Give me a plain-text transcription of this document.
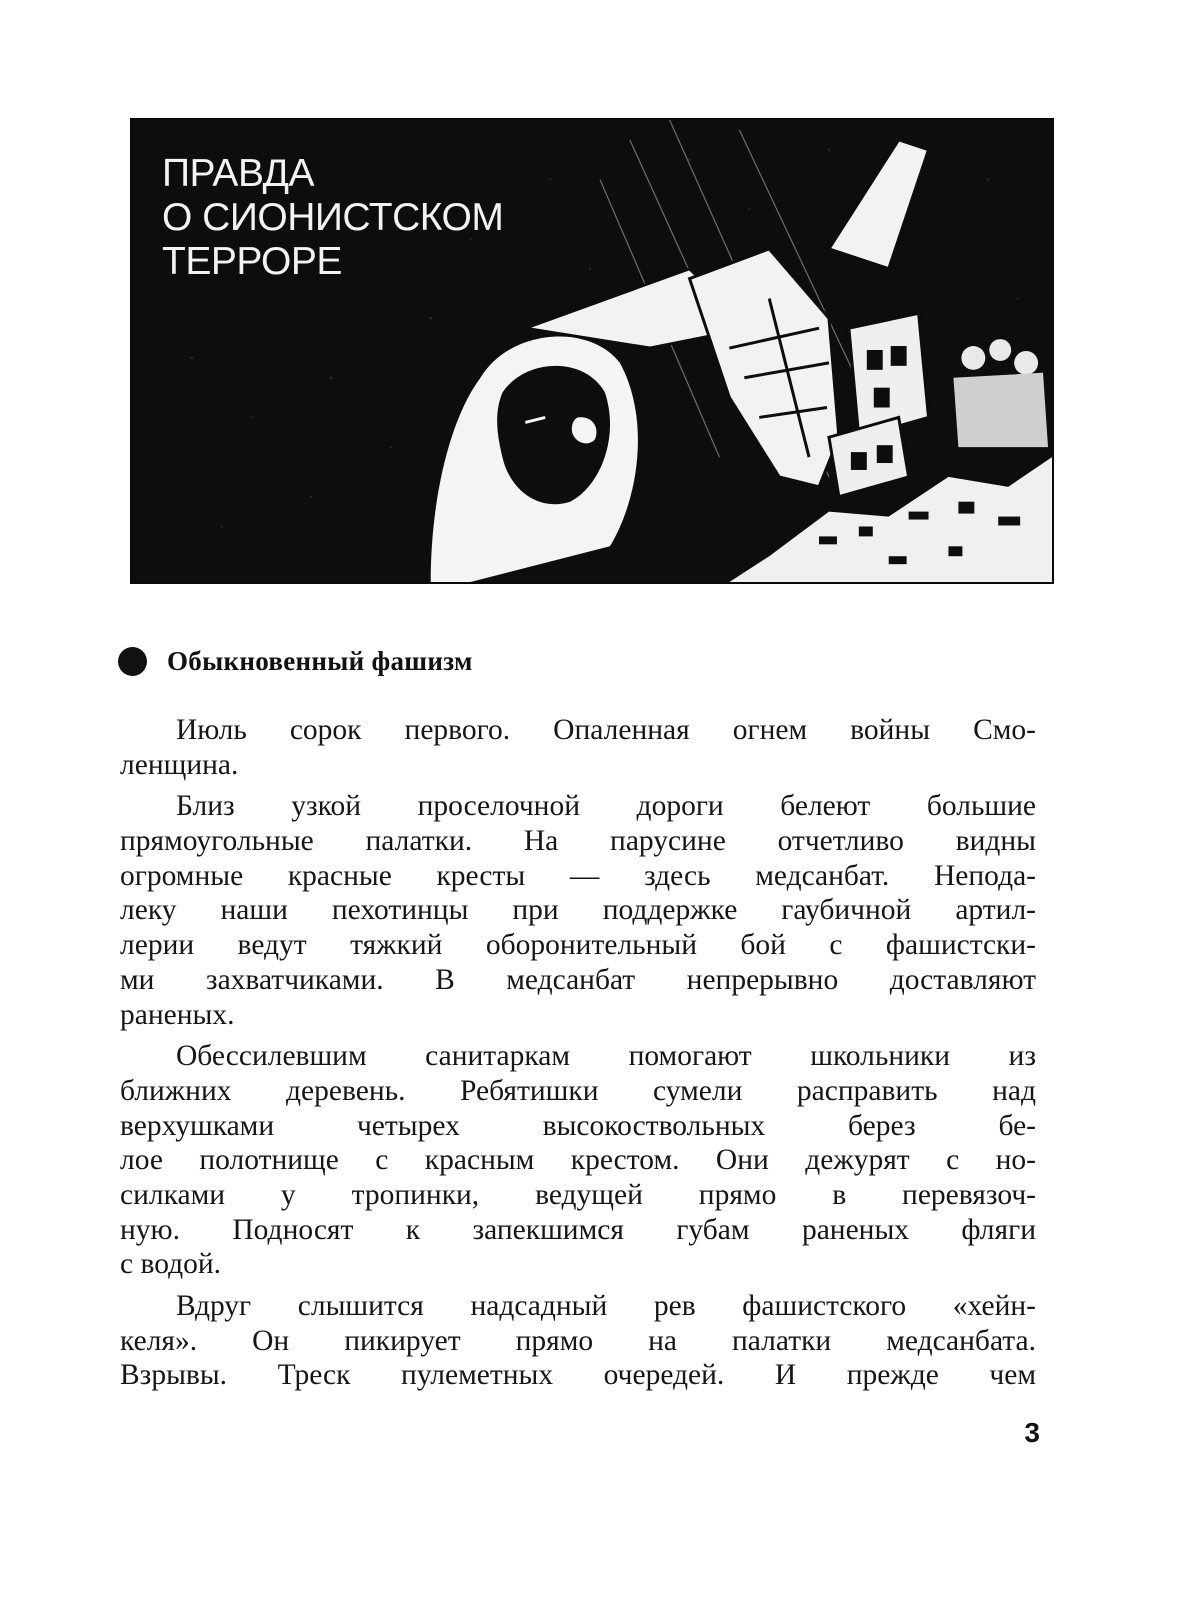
ПРАВДА
О СИОНИСТСКОМ
ТЕРРОРЕ
Обыкновенный фашизм
Июль сорок первого. Опаленная огнем войны Смо-
ленщина.
Близ узкой проселочной дороги белеют большие
прямоугольные палатки. На парусине отчетливо видны
огромные красные кресты — здесь медсанбат. Непода-
леку наши пехотинцы при поддержке гаубичной артил-
лерии ведут тяжкий оборонительный бой с фашистски-
ми захватчиками. В медсанбат непрерывно доставляют
раненых.
Обессилевшим санитаркам помогают школьники из
ближних деревень. Ребятишки сумели расправить над
верхушками четырех высокоствольных берез бе-
лое полотнище с красным крестом. Они дежурят с но-
силками у тропинки, ведущей прямо в перевязоч-
ную. Подносят к запекшимся губам раненых фляги
с водой.
Вдруг слышится надсадный рев фашистского «хейн-
келя». Он пикирует прямо на палатки медсанбата.
Взрывы. Треск пулеметных очередей. И прежде чем
3
